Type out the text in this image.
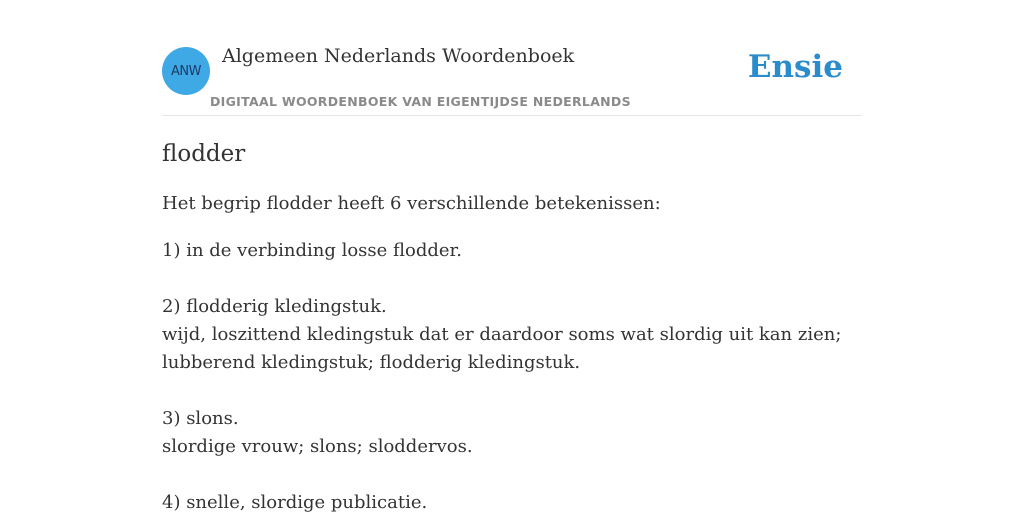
ANW
Algemeen Nederlands Woordenboek
DIGITAAL WOORDENBOEK VAN EIGENTIJDSE NEDERLANDS
Ensie
flodder

Het begrip flodder heeft 6 verschillende betekenissen:

1) in de verbinding losse flodder.
2) flodderig kledingstuk.
wijd, loszittend kledingstuk dat er daardoor soms wat slordig uit kan zien;
lubberend kledingstuk; flodderig kledingstuk.
3) slons.
slordige vrouw; slons; sloddervos.
4) snelle, slordige publicatie.
